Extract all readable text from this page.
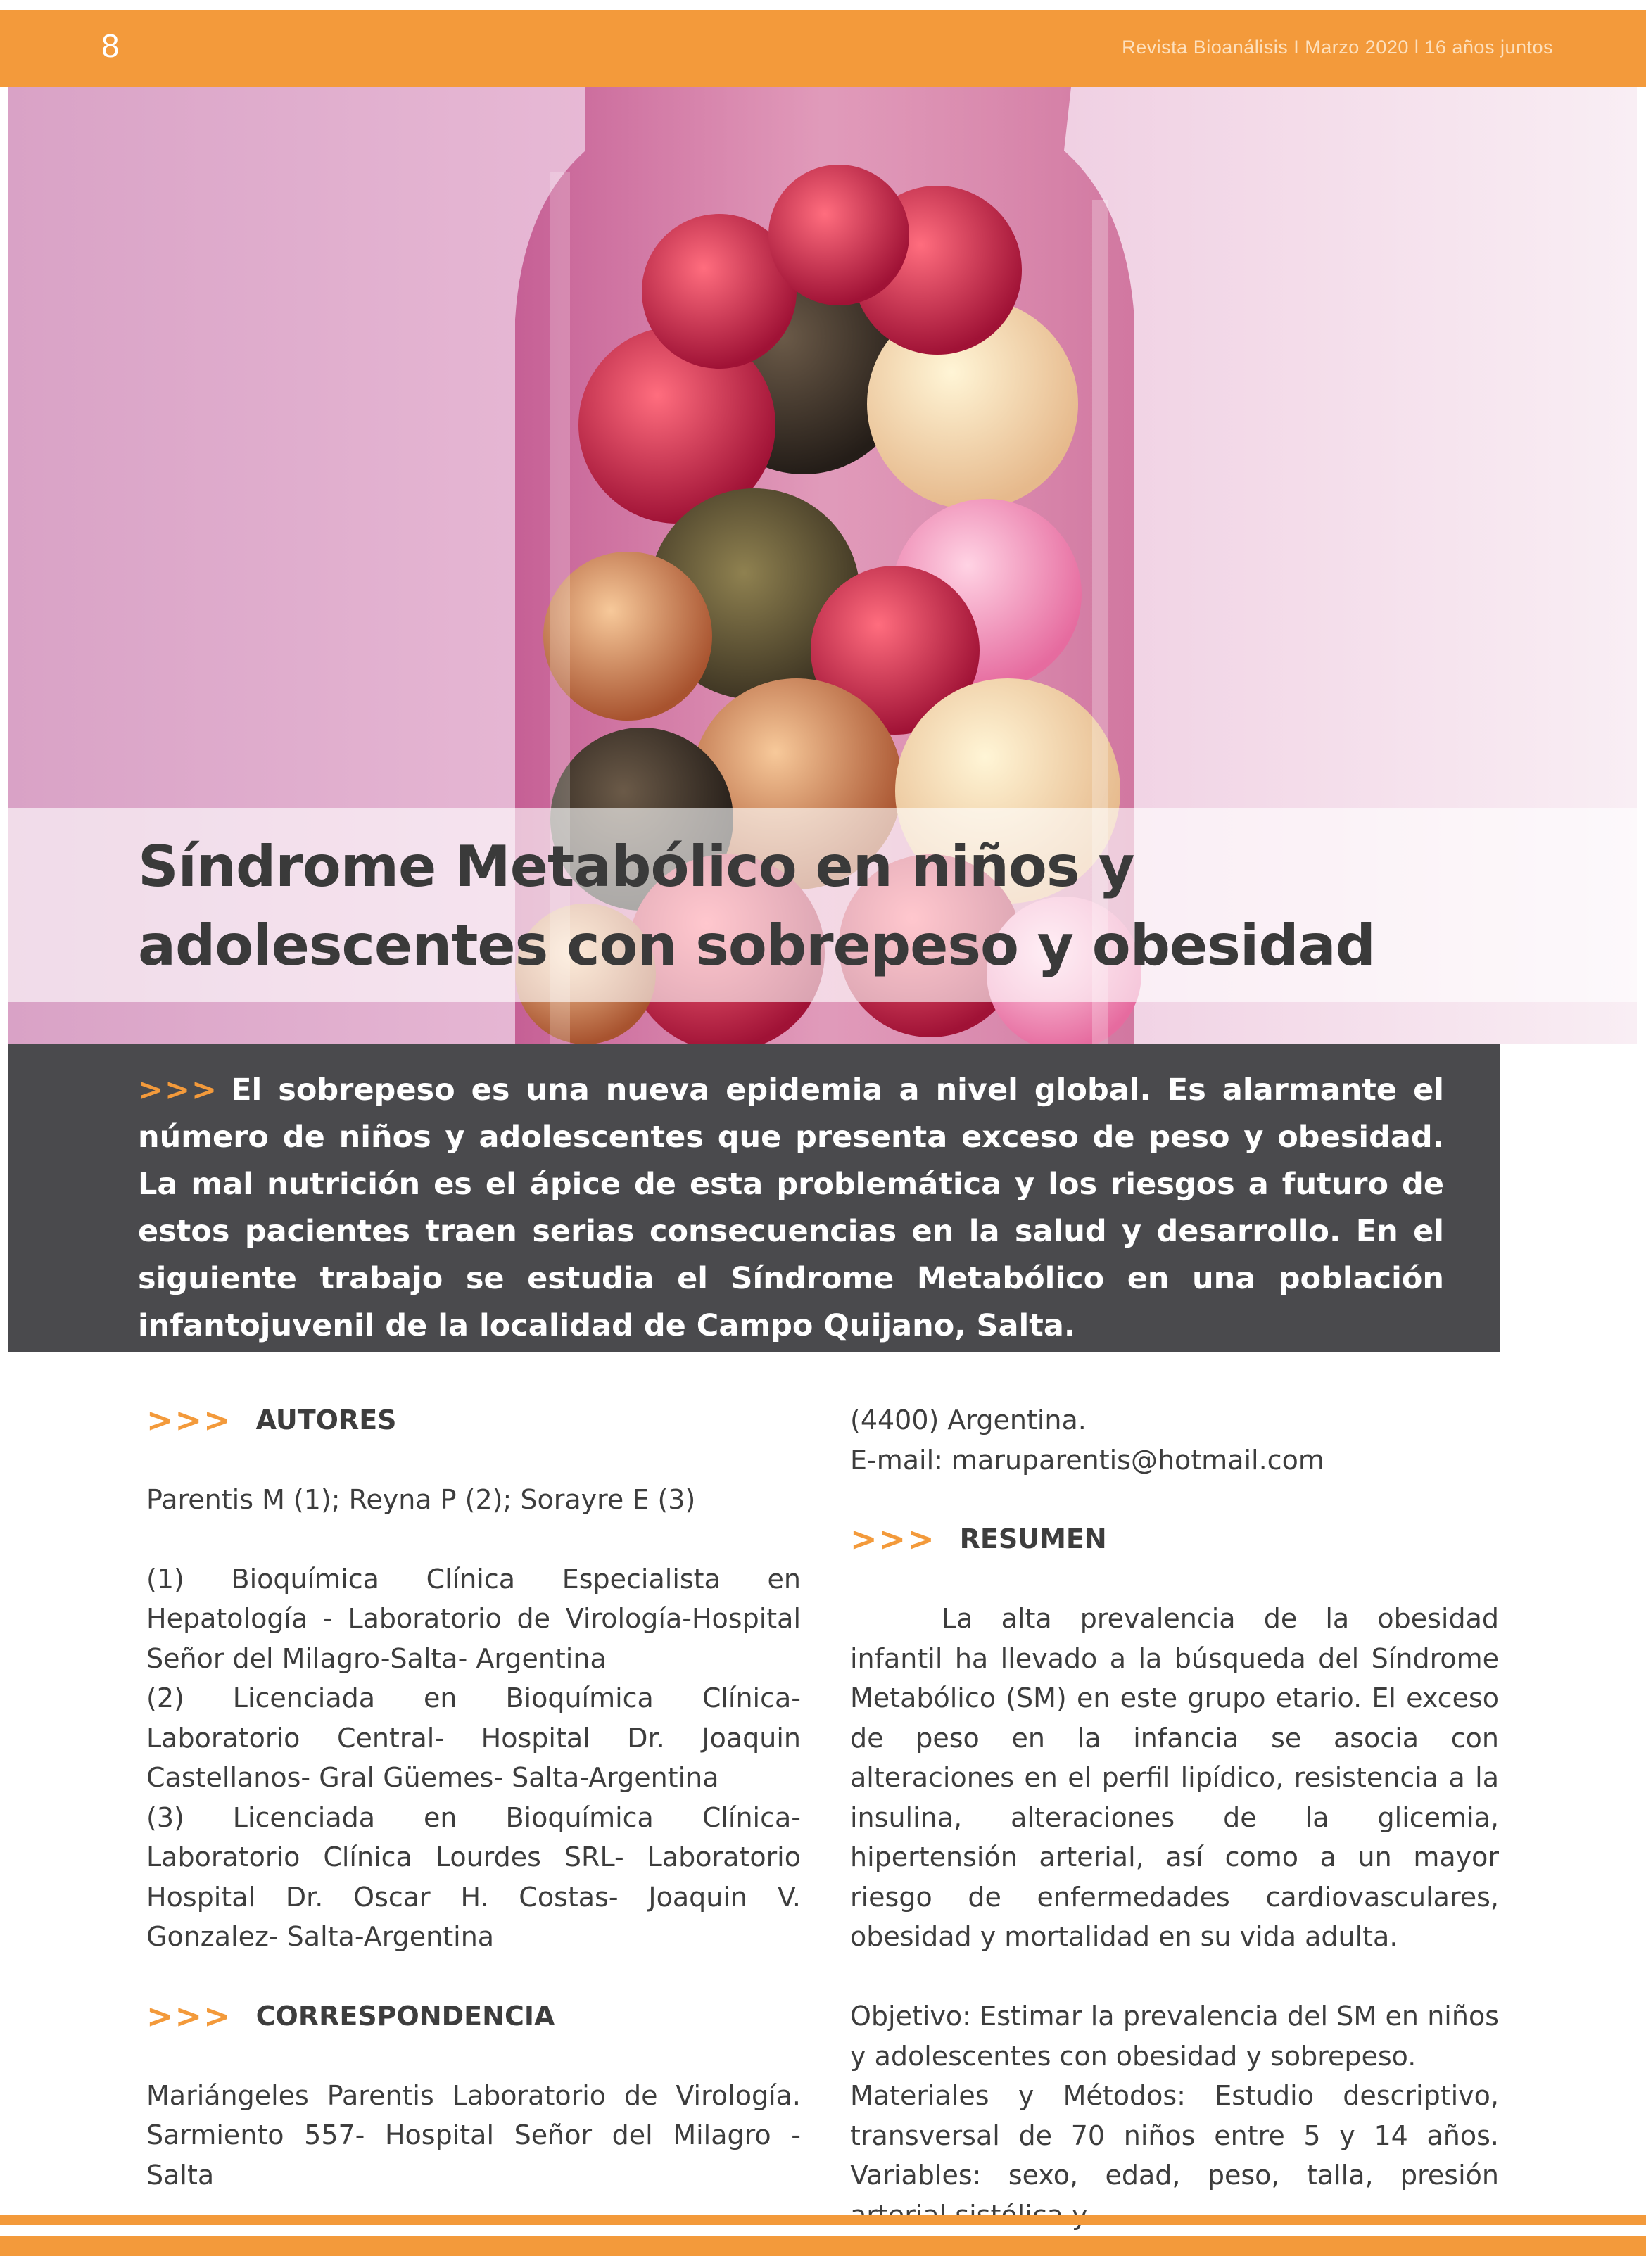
8	Revista Bioanálisis I Marzo 2020 l 16 años juntos
Síndrome Metabólico en niños y
adolescentes con sobrepeso y obesidad

>>> El sobrepeso es una nueva epidemia a nivel global. Es alarmante el número de niños y adolescentes que presenta exceso de peso y obesidad. La mal nutrición es el ápice de esta problemática y los riesgos a futuro de estos pacientes traen serias consecuencias en la salud y desarrollo. En el siguiente trabajo se estudia el Síndrome Metabólico en una población infantojuvenil de la localidad de Campo Quijano, Salta.

>>> AUTORES

Parentis M (1); Reyna P (2); Sorayre E (3)

(1) Bioquímica Clínica Especialista en Hepatología - Laboratorio de Virología-Hospital Señor del Milagro-Salta- Argentina

(2) Licenciada en Bioquímica Clínica- Laboratorio Central- Hospital Dr. Joaquin Castellanos- Gral Güemes- Salta-Argentina

(3) Licenciada en Bioquímica Clínica- Laboratorio Clínica Lourdes SRL- Laboratorio Hospital Dr. Oscar H. Costas- Joaquin V. Gonzalez- Salta-Argentina

>>> CORRESPONDENCIA

Mariángeles Parentis Laboratorio de Virología. Sarmiento 557- Hospital Señor del Milagro - Salta

(4400) Argentina.

E-mail: maruparentis@hotmail.com

>>> RESUMEN

La alta prevalencia de la obesidad infantil ha llevado a la búsqueda del Síndrome Metabólico (SM) en este grupo etario. El exceso de peso en la infancia se asocia con alteraciones en el perfil lipídico, resistencia a la insulina, alteraciones de la glicemia, hipertensión arterial, así como a un mayor riesgo de enfermedades cardiovasculares, obesidad y mortalidad en su vida adulta.

Objetivo: Estimar la prevalencia del SM en niños y adolescentes con obesidad y sobrepeso.

Materiales y Métodos: Estudio descriptivo, transversal de 70 niños entre 5 y 14 años. Variables: sexo, edad, peso, talla, presión
